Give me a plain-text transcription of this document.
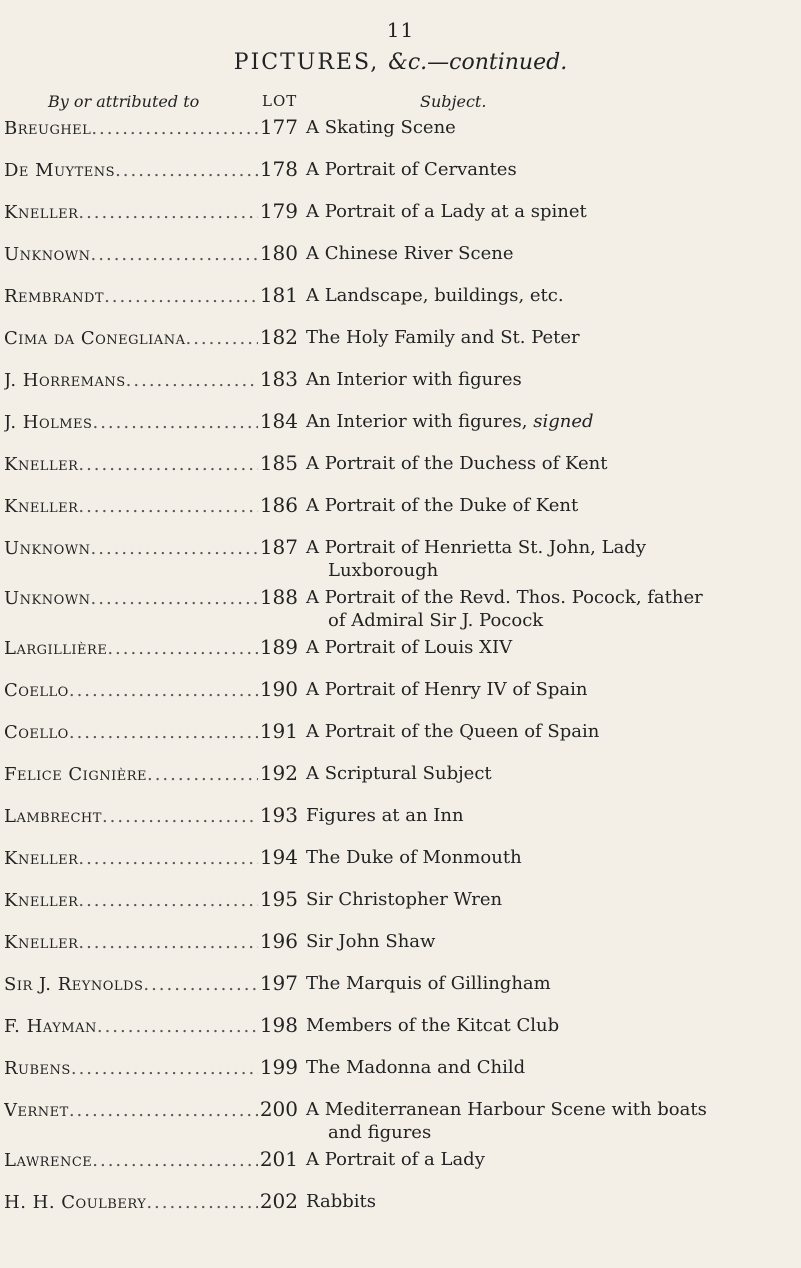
11
PICTURES, &c.—continued.
By or attributed to	LOT	Subject.
Breughel .....	177 A Skating Scene
De Muytens .....	178 A Portrait of Cervantes
Kneller .....	179 A Portrait of a Lady at a spinet
Unknown .....	180 A Chinese River Scene
Rembrandt .....	181 A Landscape, buildings, etc.
Cima da Conegliana .....	182 The Holy Family and St. Peter
J. Horremans .....	183 An Interior with figures
J. Holmes .....	184 An Interior with figures, signed
Kneller .....	185 A Portrait of the Duchess of Kent
Kneller .....	186 A Portrait of the Duke of Kent
Unknown .....	187 A Portrait of Henrietta St. John, Lady
Luxborough
Unknown .....	188 A Portrait of the Revd. Thos. Pocock, father
of Admiral Sir J. Pocock
Largillière .....	189 A Portrait of Louis XIV
Coello .....	190 A Portrait of Henry IV of Spain
Coello .....	191 A Portrait of the Queen of Spain
Felice Cignière .....	192 A Scriptural Subject
Lambrecht .....	193 Figures at an Inn
Kneller .....	194 The Duke of Monmouth
Kneller .....	195 Sir Christopher Wren
Kneller .....	196 Sir John Shaw
Sir J. Reynolds .....	197 The Marquis of Gillingham
F. Hayman .....	198 Members of the Kitcat Club
Rubens .....	199 The Madonna and Child
Vernet .....	200 A Mediterranean Harbour Scene with boats
and figures
Lawrence .....	201 A Portrait of a Lady
H. H. Coulbery .....	202 Rabbits
